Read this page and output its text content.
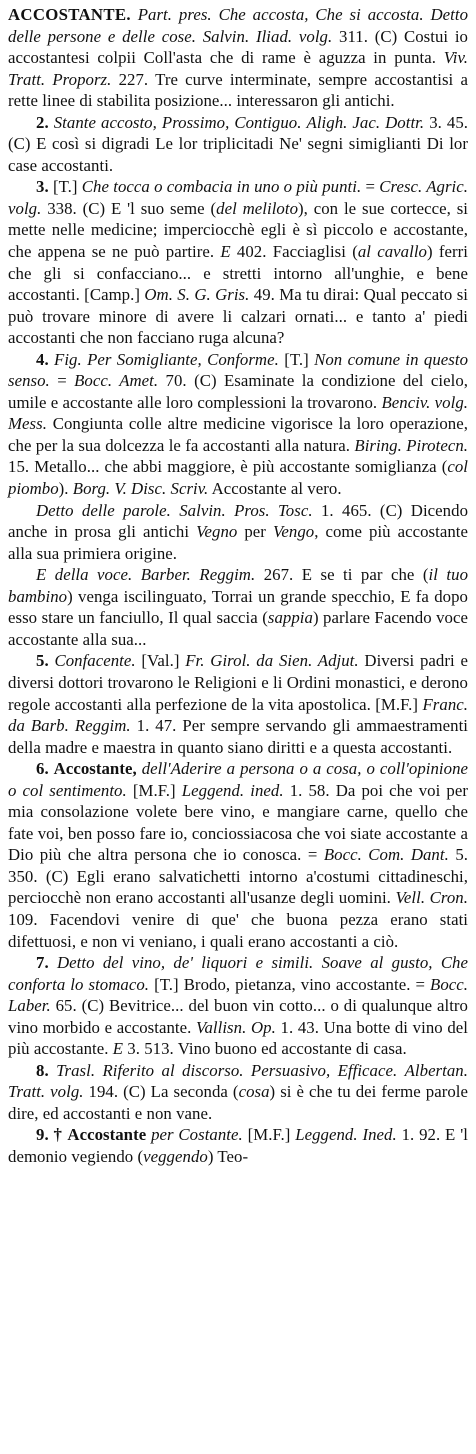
ACCOSTANTE. Part. pres. Che accosta, Che si accosta. Detto delle persone e delle cose. Salvin. Iliad. volg. 311. (C) Costui io accostantesi colpii Coll'asta che di rame è aguzza in punta. Viv. Tratt. Proporz. 227. Tre curve interminate, sempre accostantisi a rette linee di stabilita posizione... interessaron gli antichi.

2. Stante accosto, Prossimo, Contiguo. Aligh. Jac. Dottr. 3. 45. (C) E così si digradi Le lor triplicitadi Ne' segni simiglianti Di lor case accostanti.

3. [T.] Che tocca o combacia in uno o più punti. = Cresc. Agric. volg. 338. (C) E 'l suo seme (del meliloto), con le sue cortecce, si mette nelle medicine; imperciocchè egli è sì piccolo e accostante, che appena se ne può partire. E 402. Facciaglisi (al cavallo) ferri che gli si confacciano... e stretti intorno all'unghie, e bene accostanti. [Camp.] Om. S. G. Gris. 49. Ma tu dirai: Qual peccato si può trovare minore di avere li calzari ornati... e tanto a' piedi accostanti che non facciano ruga alcuna?

4. Fig. Per Somigliante, Conforme. [T.] Non comune in questo senso. = Bocc. Amet. 70. (C) Esaminate la condizione del cielo, umile e accostante alle loro complessioni la trovarono. Benciv. volg. Mess. Congiunta colle altre medicine vigorisce la loro operazione, che per la sua dolcezza le fa accostanti alla natura. Biring. Pirotecn. 15. Metallo... che abbi maggiore, è più accostante somiglianza (col piombo). Borg. V. Disc. Scriv. Accostante al vero.

Detto delle parole. Salvin. Pros. Tosc. 1. 465. (C) Dicendo anche in prosa gli antichi Vegno per Vengo, come più accostante alla sua primiera origine.

E della voce. Barber. Reggim. 267. E se ti par che (il tuo bambino) venga iscilinguato, Torrai un grande specchio, E fa dopo esso stare un fanciullo, Il qual saccia (sappia) parlare Facendo voce accostante alla sua...

5. Confacente. [Val.] Fr. Girol. da Sien. Adjut. Diversi padri e diversi dottori trovarono le Religioni e li Ordini monastici, e derono regole accostanti alla perfezione de la vita apostolica. [M.F.] Franc. da Barb. Reggim. 1. 47. Per sempre servando gli ammaestramenti della madre e maestra in quanto siano diritti e a questa accostanti.

6. Accostante, dell'Aderire a persona o a cosa, o coll'opinione o col sentimento. [M.F.] Leggend. ined. 1. 58. Da poi che voi per mia consolazione volete bere vino, e mangiare carne, quello che fate voi, ben posso fare io, conciossiacosa che voi siate accostante a Dio più che altra persona che io conosca. = Bocc. Com. Dant. 5. 350. (C) Egli erano salvatichetti intorno a'costumi cittadineschi, perciocchè non erano accostanti all'usanze degli uomini. Vell. Cron. 109. Facendovi venire di que' che buona pezza erano stati difettuosi, e non vi veniano, i quali erano accostanti a ciò.

7. Detto del vino, de' liquori e simili. Soave al gusto, Che conforta lo stomaco. [T.] Brodo, pietanza, vino accostante. = Bocc. Laber. 65. (C) Bevitrice... del buon vin cotto... o di qualunque altro vino morbido e accostante. Vallisn. Op. 1. 43. Una botte di vino del più accostante. E 3. 513. Vino buono ed accostante di casa.

8. Trasl. Riferito al discorso. Persuasivo, Efficace. Albertan. Tratt. volg. 194. (C) La seconda (cosa) si è che tu dei ferme parole dire, ed accostanti e non vane.

9. † Accostante per Costante. [M.F.] Leggend. Ined. 1. 92. E 'l demonio vegiendo (veggendo) Teo-
